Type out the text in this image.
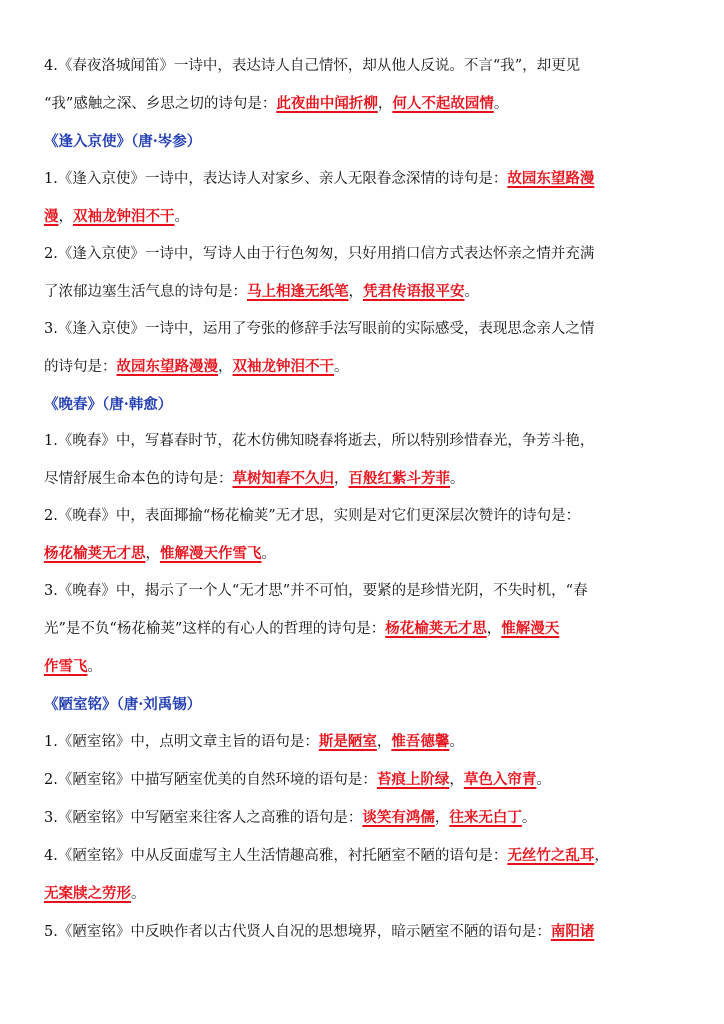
4.《春夜洛城闻笛》一诗中，表达诗人自己情怀，却从他人反说。不言“我”，却更见
“我”感触之深、乡思之切的诗句是：此夜曲中闻折柳，何人不起故园情。
《逢入京使》（唐·岑参）
1.《逢入京使》一诗中，表达诗人对家乡、亲人无限眷念深情的诗句是：故园东望路漫
漫，双袖龙钟泪不干。
2.《逢入京使》一诗中，写诗人由于行色匆匆，只好用捎口信方式表达怀亲之情并充满
了浓郁边塞生活气息的诗句是：马上相逢无纸笔，凭君传语报平安。
3.《逢入京使》一诗中，运用了夸张的修辞手法写眼前的实际感受，表现思念亲人之情
的诗句是：故园东望路漫漫，双袖龙钟泪不干。
《晚春》（唐·韩愈）
1.《晚春》中，写暮春时节，花木仿佛知晓春将逝去，所以特别珍惜春光，争芳斗艳，
尽情舒展生命本色的诗句是：草树知春不久归，百般红紫斗芳菲。
2.《晚春》中，表面揶揄“杨花榆荚”无才思，实则是对它们更深层次赞许的诗句是：
杨花榆荚无才思，惟解漫天作雪飞。
3.《晚春》中，揭示了一个人“无才思”并不可怕，要紧的是珍惜光阴，不失时机，“春
光”是不负“杨花榆荚”这样的有心人的哲理的诗句是：杨花榆荚无才思，惟解漫天
作雪飞。
《陋室铭》（唐·刘禹锡）
1.《陋室铭》中，点明文章主旨的语句是：斯是陋室，惟吾德馨。
2.《陋室铭》中描写陋室优美的自然环境的语句是：苔痕上阶绿，草色入帘青。
3.《陋室铭》中写陋室来往客人之高雅的语句是：谈笑有鸿儒，往来无白丁。
4.《陋室铭》中从反面虚写主人生活情趣高雅，衬托陋室不陋的语句是：无丝竹之乱耳，
无案牍之劳形。
5.《陋室铭》中反映作者以古代贤人自况的思想境界，暗示陋室不陋的语句是：南阳诸
